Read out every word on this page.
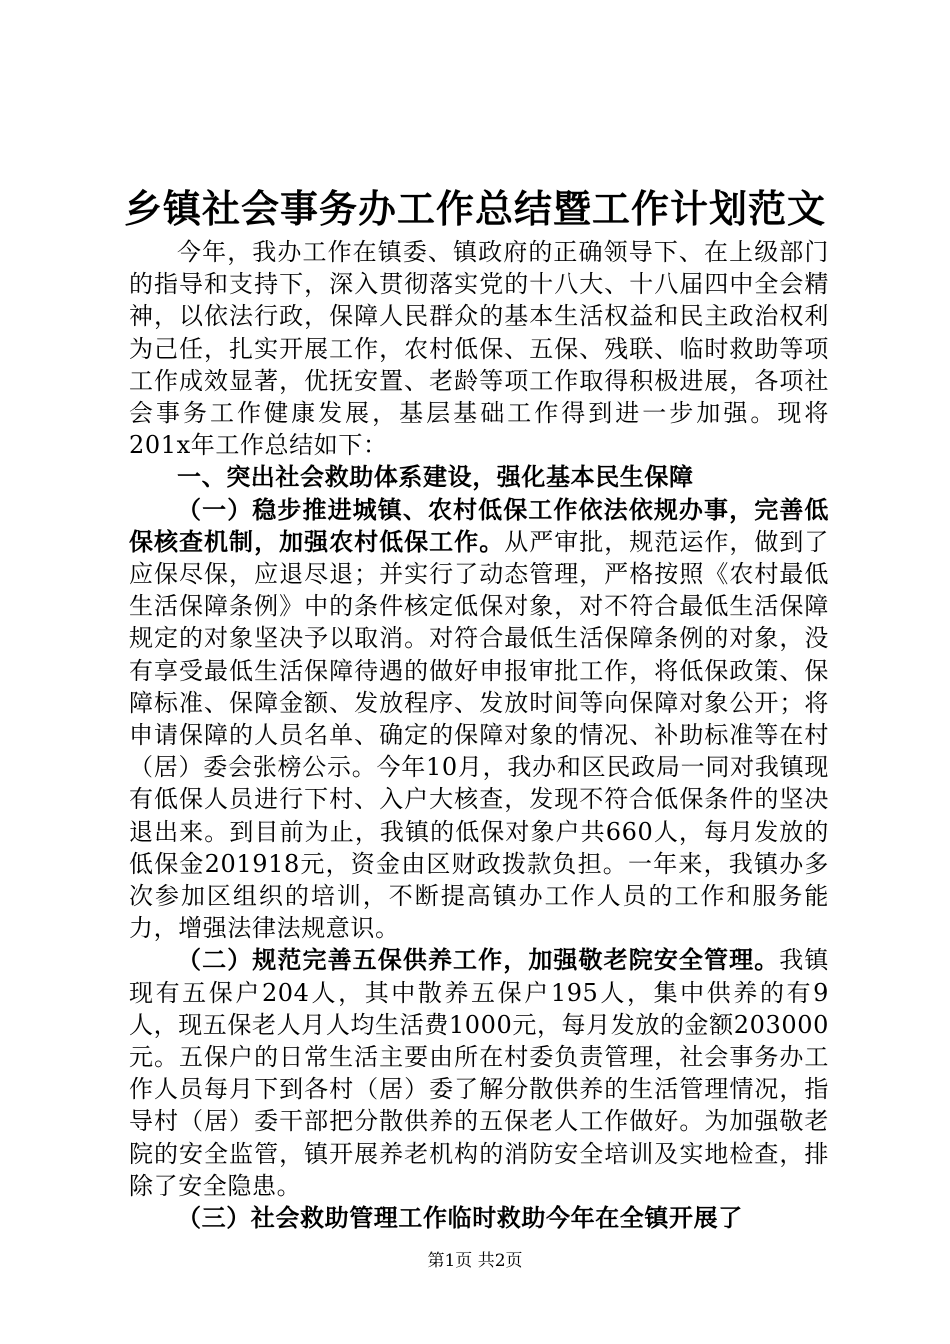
乡镇社会事务办工作总结暨工作计划范文

今年，我办工作在镇委、镇政府的正确领导下、在上级部门的指导和支持下，深入贯彻落实党的十八大、十八届四中全会精神，以依法行政，保障人民群众的基本生活权益和民主政治权利为己任，扎实开展工作，农村低保、五保、残联、临时救助等项工作成效显著，优抚安置、老龄等项工作取得积极进展，各项社会事务工作健康发展，基层基础工作得到进一步加强。现将201x年工作总结如下：

一、突出社会救助体系建设，强化基本民生保障

（一）稳步推进城镇、农村低保工作依法依规办事，完善低保核查机制，加强农村低保工作。从严审批，规范运作，做到了应保尽保，应退尽退；并实行了动态管理，严格按照《农村最低生活保障条例》中的条件核定低保对象，对不符合最低生活保障规定的对象坚决予以取消。对符合最低生活保障条例的对象，没有享受最低生活保障待遇的做好申报审批工作，将低保政策、保障标准、保障金额、发放程序、发放时间等向保障对象公开；将申请保障的人员名单、确定的保障对象的情况、补助标准等在村（居）委会张榜公示。今年10月，我办和区民政局一同对我镇现有低保人员进行下村、入户大核查，发现不符合低保条件的坚决退出来。到目前为止，我镇的低保对象户共660人，每月发放的低保金201918元，资金由区财政拨款负担。一年来，我镇办多次参加区组织的培训，不断提高镇办工作人员的工作和服务能力，增强法律法规意识。

（二）规范完善五保供养工作，加强敬老院安全管理。我镇现有五保户204人，其中散养五保户195人，集中供养的有9人，现五保老人月人均生活费1000元，每月发放的金额203000元。五保户的日常生活主要由所在村委负责管理，社会事务办工作人员每月下到各村（居）委了解分散供养的生活管理情况，指导村（居）委干部把分散供养的五保老人工作做好。为加强敬老院的安全监管，镇开展养老机构的消防安全培训及实地检查，排除了安全隐患。

（三）社会救助管理工作临时救助今年在全镇开展了

第1页 共2页
